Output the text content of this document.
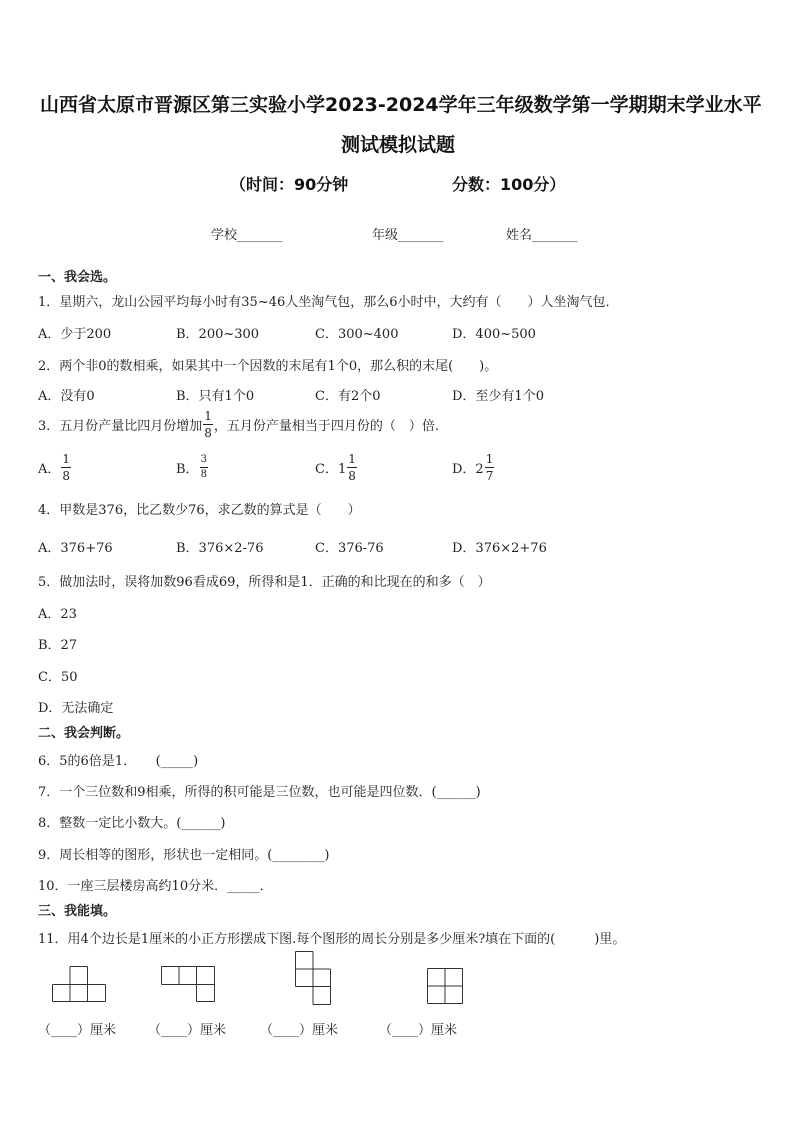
山西省太原市晋源区第三实验小学2023-2024学年三年级数学第一学期期末学业水平
测试模拟试题
（时间：90分钟	分数：100分）
学校_______	年级_______	姓名_______
一、我会选。
1．星期六，龙山公园平均每小时有35~46人坐淘气包，那么6小时中，大约有（　　）人坐淘气包．
A．少于200	B．200~300	C．300~400	D．400~500
2．两个非0的数相乘，如果其中一个因数的末尾有1个0，那么积的末尾(　　)。
A．没有0	B．只有1个0	C．有2个0	D．至少有1个0
3．五月份产量比四月份增加 $\frac{1}{8}$ ，五月份产量相当于四月份的（　）倍.
A． $\frac{1}{8}$	B． $\frac{3}{8}$	C．$1 \frac{1}{8}$	D．$2 \frac{1}{7}$
4．甲数是376，比乙数少76，求乙数的算式是（　　）
A．376+76	B．376×2-76	C．376-76	D．376×2+76
5．做加法时，误将加数96看成69，所得和是1．正确的和比现在的和多（　）
A．23
B．27
C．50
D．无法确定
二、我会判断。
6．5的6倍是1．　　(_____)
7．一个三位数和9相乘，所得的积可能是三位数，也可能是四位数．(______)
8．整数一定比小数大。(______)
9．周长相等的图形，形状也一定相同。(________)
10．一座三层楼房高约10分米．_____．
三、我能填。
11．用4个边长是1厘米的小正方形摆成下图.每个图形的周长分别是多少厘米?填在下面的(　　　)里。
（____）厘米 （____）厘米	（____）厘米	（____）厘米
